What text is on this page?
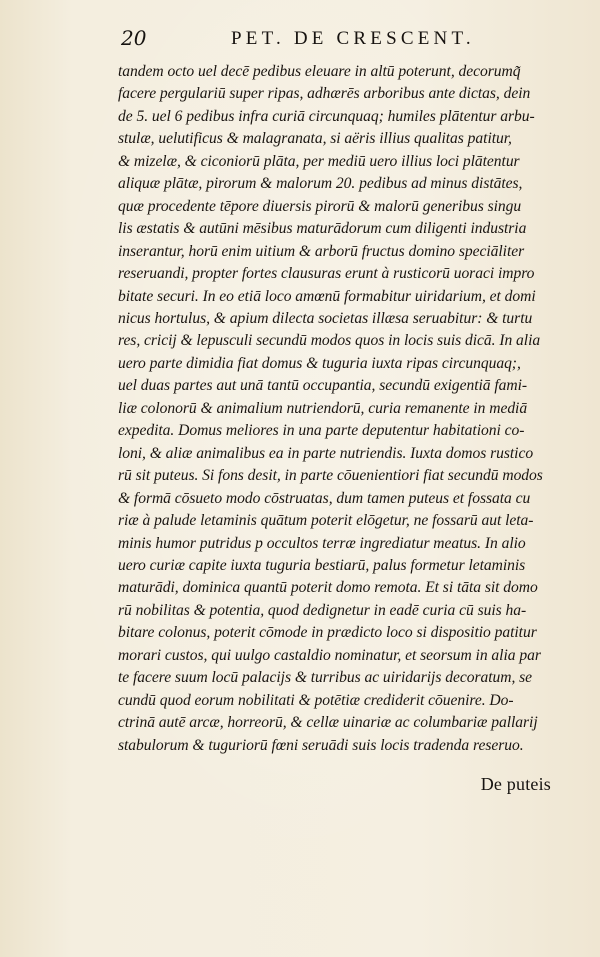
20	PET. DE CRESCENT.
tandem octo uel decē pedibus eleuare in altū poterunt, decorumq̃
facere pergulariū super ripas, adhærēs arboribus ante dictas, dein
de 5. uel 6 pedibus infra curiā circunquaq; humiles plātentur arbu-
stulæ, uelutificus & malagranata, si aëris illius qualitas patitur,
& mizelæ, & ciconiorū plāta, per mediū uero illius loci plātentur
aliquæ plātæ, pirorum & malorum 20. pedibus ad minus distātes,
quæ procedente tēpore diuersis pirorū & malorū generibus singu
lis æstatis & autūni mēsibus maturādorum cum diligenti industria
inserantur, horū enim uitium & arborū fructus domino speciāliter
reseruandi, propter fortes clausuras erunt à rusticorū uoraci impro
bitate securi. In eo etiā loco amœnū formabitur uiridarium, et domi
nicus hortulus, & apium dilecta societas illæsa seruabitur: & turtu
res, cricij & lepusculi secundū modos quos in locis suis dicā. In alia
uero parte dimidia fiat domus & tuguria iuxta ripas circunquaq;,
uel duas partes aut unā tantū occupantia, secundū exigentiā fami-
liæ colonorū & animalium nutriendorū, curia remanente in mediā
expedita. Domus meliores in una parte deputentur habitationi co-
loni, & aliæ animalibus ea in parte nutriendis. Iuxta domos rustico
rū sit puteus. Si fons desit, in parte cōuenientiori fiat secundū modos
& formā cōsueto modo cōstruatas, dum tamen puteus et fossata cu
riæ à palude letaminis quātum poterit elōgetur, ne fossarū aut leta-
minis humor putridus p occultos terræ ingrediatur meatus. In alio
uero curiæ capite iuxta tuguria bestiarū, palus formetur letaminis
maturādi, dominica quantū poterit domo remota. Et si tāta sit domo
rū nobilitas & potentia, quod dedignetur in eadē curia cū suis ha-
bitare colonus, poterit cōmode in prædicto loco si dispositio patitur
morari custos, qui uulgo castaldio nominatur, et seorsum in alia par
te facere suum locū palacijs & turribus ac uiridarijs decoratum, se
cundū quod eorum nobilitati & potētiæ crediderit cōuenire. Do-
ctrinā autē arcæ, horreorū, & cellæ uinariæ ac columbariæ pallarij
stabulorum & tuguriorū fœni seruādi suis locis tradenda reseruo.
De puteis
